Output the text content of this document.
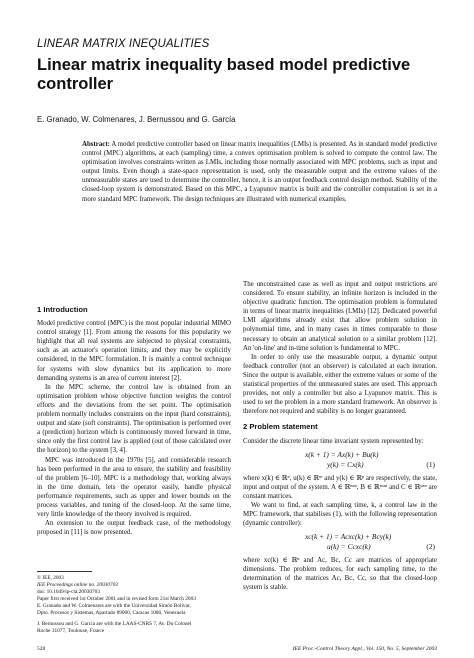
LINEAR MATRIX INEQUALITIES
Linear matrix inequality based model predictive
controller
E. Granado, W. Colmenares, J. Bernussou and G. García
Abstract: A model predictive controller based on linear matrix inequalities (LMIs) is presented. As in standard model predictive control (MPC) algorithms, at each (sampling) time, a convex optimisation problem is solved to compute the control law. The optimisation involves constraints written as LMIs, including those normally associated with MPC problems, such as input and output limits. Even though a state-space representation is used, only the measurable output and the extreme values of the unmeasurable states are used to determine the controller, hence, it is an output feedback control design method. Stability of the closed-loop system is demonstrated. Based on this MPC, a Lyapunov matrix is built and the controller computation is set in a more standard MPC framework. The design techniques are illustrated with numerical examples.
1 Introduction

Model predictive control (MPC) is the most popular industrial MIMO control strategy [1]. From among the reasons for this popularity we highlight that all real systems are subjected to physical constraints, such as an actuator's operation limits, and they may be explicitly considered, in the MPC formulation. It is mainly a control technique for systems with slow dynamics but its application to more demanding systems is an area of current interest [2].

In the MPC scheme, the control law is obtained from an optimisation problem whose objective function weights the control efforts and the deviations from the set point. The optimisation problem normally includes constraints on the input (hard constraints), output and state (soft constraints). The optimisation is performed over a (prediction) horizon which is continuously moved forward in time, since only the first control law is applied (out of those calculated over the horizon) to the system [3, 4].

MPC was introduced in the 1970s [5], and considerable research has been performed in the area to ensure, the stability and feasibility of the problem [6–10]. MPC is a methodology that, working always in the time domain, lets the operator easily, handle physical performance requirements, such as upper and lower bounds on the process variables, and tuning of the closed-loop. At the same time, very little knowledge of the theory involved is required.

An extension to the output feedback case, of the methodology proposed in [11] is now presented.

The unconstrained case as well as input and output restrictions are considered. To ensure stability, an infinite horizon is included in the objective quadratic function. The optimisation problem is formulated in terms of linear matrix inequalities (LMIs) [12]. Dedicated powerful LMI algorithms already exist that allow problem solution in polynomial time, and in many cases in times comparable to those necessary to obtain an analytical solution to a similar problem [12]. An 'on-line' and in-time solution is fundamental to MPC.

In order to only use the measurable output, a dynamic output feedback controller (not an observer) is calculated at each iteration. Since the output is available, either the extreme values or some of the statistical properties of the unmeasured states are used. This approach provides, not only a controller but also a Lyapunov matrix. This is used to set the problem in a more standard framework. An observer is therefore not required and stability is no longer guaranteed.

2 Problem statement

Consider the discrete linear time invariant system represented by:

x(k + 1) = Ax(k) + Bu(k)
y(k) = Cx(k)	(1)

where x(k) ∈ ℝⁿ, u(k) ∈ ℝᵐ and y(k) ∈ ℝᵖ are respectively, the state, input and output of the system. A ∈ ℝⁿˣⁿ, B ∈ ℝⁿˣᵐ and C ∈ ℝᵖˣⁿ are constant matrices.

We want to find, at each sampling time, k, a control law in the MPC framework, that stabilises (1), with the following representation (dynamic controller):

xc(k + 1) = Acxc(k) + Bcy(k)
u(k) = Ccxc(k)	(2)

where xc(k) ∈ ℝⁿ and Ac, Bc, Cc are matrices of appropriate dimensions. The problem reduces, for each sampling time, to the determination of the matrices Ac, Bc, Cc, so that the closed-loop system is stable.

© IEE, 2003
IEE Proceedings online no. 20030703
doi: 10.1049/ip-cta:20030703
Paper first received 1st October 2001 and in revised form 21st March 2003
E. Granado and W. Colmenares are with the Universidad Simón Bolívar,
Dpto. Procesos y Sistemas, Apartado 89000, Caracas 1080, Venezuela
J. Bernussou and G. García are with the LAAS-CNRS 7, Av. Du Colonel
Roche 31077, Toulouse, France
528	IEE Proc.-Control Theory Appl., Vol. 150, No. 5, September 2003
